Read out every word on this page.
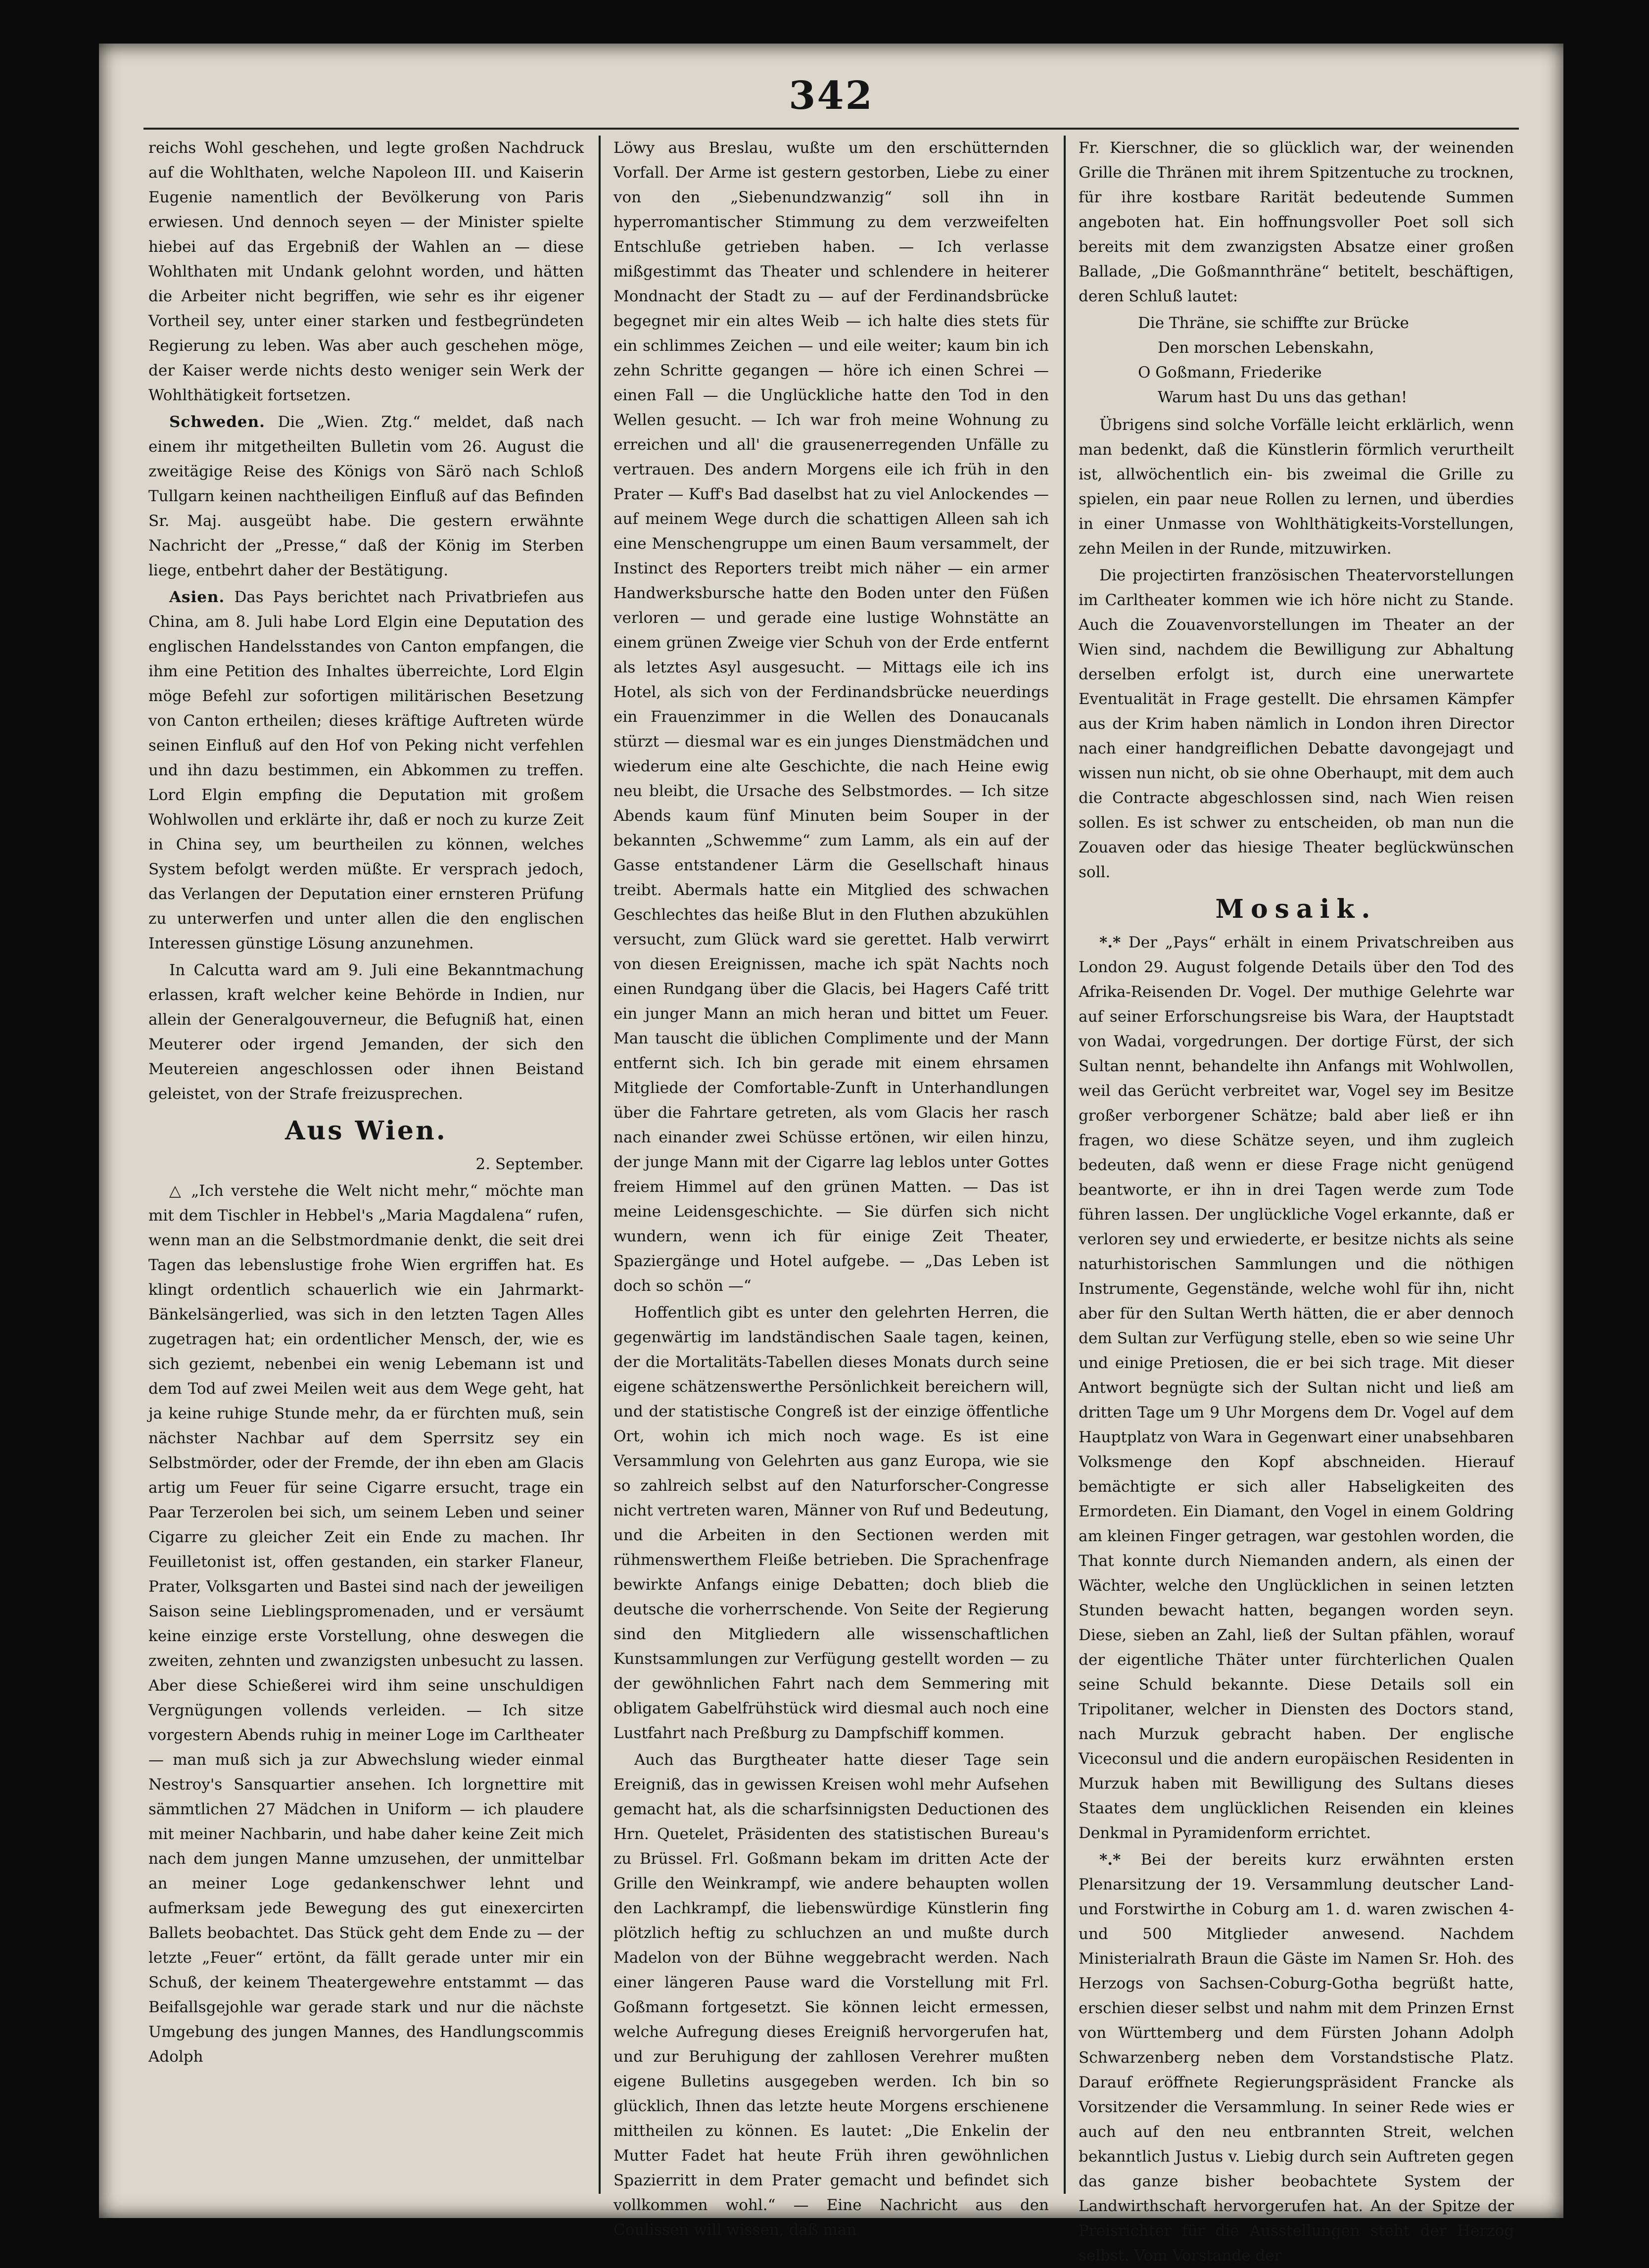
342

reichs Wohl geschehen, und legte großen Nachdruck auf die Wohlthaten, welche Napoleon III. und Kaiserin Eugenie namentlich der Bevölkerung von Paris erwiesen. Und dennoch seyen — der Minister spielte hiebei auf das Ergebniß der Wahlen an — diese Wohlthaten mit Undank gelohnt worden, und hätten die Arbeiter nicht begriffen, wie sehr es ihr eigener Vortheil sey, unter einer starken und festbegründeten Regierung zu leben. Was aber auch geschehen möge, der Kaiser werde nichts desto weniger sein Werk der Wohlthätigkeit fortsetzen.

Schweden. Die „Wien. Ztg.“ meldet, daß nach einem ihr mitgetheilten Bulletin vom 26. August die zweitägige Reise des Königs von Särö nach Schloß Tullgarn keinen nachtheiligen Einfluß auf das Befinden Sr. Maj. ausgeübt habe. Die gestern erwähnte Nachricht der „Presse,“ daß der König im Sterben liege, entbehrt daher der Bestätigung.

Asien. Das Pays berichtet nach Privatbriefen aus China, am 8. Juli habe Lord Elgin eine Deputation des englischen Handelsstandes von Canton empfangen, die ihm eine Petition des Inhaltes überreichte, Lord Elgin möge Befehl zur sofortigen militärischen Besetzung von Canton ertheilen; dieses kräftige Auftreten würde seinen Einfluß auf den Hof von Peking nicht verfehlen und ihn dazu bestimmen, ein Abkommen zu treffen. Lord Elgin empfing die Deputation mit großem Wohlwollen und erklärte ihr, daß er noch zu kurze Zeit in China sey, um beurtheilen zu können, welches System befolgt werden müßte. Er versprach jedoch, das Verlangen der Deputation einer ernsteren Prüfung zu unterwerfen und unter allen die den englischen Interessen günstige Lösung anzunehmen.

In Calcutta ward am 9. Juli eine Bekanntmachung erlassen, kraft welcher keine Behörde in Indien, nur allein der Generalgouverneur, die Befugniß hat, einen Meuterer oder irgend Jemanden, der sich den Meutereien angeschlossen oder ihnen Beistand geleistet, von der Strafe freizusprechen.

Aus Wien.
2. September.

△ „Ich verstehe die Welt nicht mehr,“ möchte man mit dem Tischler in Hebbel's „Maria Magdalena“ rufen, wenn man an die Selbstmordmanie denkt, die seit drei Tagen das lebenslustige frohe Wien ergriffen hat. Es klingt ordentlich schauerlich wie ein Jahrmarkt-Bänkelsängerlied, was sich in den letzten Tagen Alles zugetragen hat; ein ordentlicher Mensch, der, wie es sich geziemt, nebenbei ein wenig Lebemann ist und dem Tod auf zwei Meilen weit aus dem Wege geht, hat ja keine ruhige Stunde mehr, da er fürchten muß, sein nächster Nachbar auf dem Sperrsitz sey ein Selbstmörder, oder der Fremde, der ihn eben am Glacis artig um Feuer für seine Cigarre ersucht, trage ein Paar Terzerolen bei sich, um seinem Leben und seiner Cigarre zu gleicher Zeit ein Ende zu machen. Ihr Feuilletonist ist, offen gestanden, ein starker Flaneur, Prater, Volksgarten und Bastei sind nach der jeweiligen Saison seine Lieblingspromenaden, und er versäumt keine einzige erste Vorstellung, ohne deswegen die zweiten, zehnten und zwanzigsten unbesucht zu lassen. Aber diese Schießerei wird ihm seine unschuldigen Vergnügungen vollends verleiden. — Ich sitze vorgestern Abends ruhig in meiner Loge im Carltheater — man muß sich ja zur Abwechslung wieder einmal Nestroy's Sansquartier ansehen. Ich lorgnettire mit sämmtlichen 27 Mädchen in Uniform — ich plaudere mit meiner Nachbarin, und habe daher keine Zeit mich nach dem jungen Manne umzusehen, der unmittelbar an meiner Loge gedankenschwer lehnt und aufmerksam jede Bewegung des gut einexercirten Ballets beobachtet. Das Stück geht dem Ende zu — der letzte „Feuer“ ertönt, da fällt gerade unter mir ein Schuß, der keinem Theatergewehre entstammt — das Beifallsgejohle war gerade stark und nur die nächste Umgebung des jungen Mannes, des Handlungscommis Adolph

Löwy aus Breslau, wußte um den erschütternden Vorfall. Der Arme ist gestern gestorben, Liebe zu einer von den „Siebenundzwanzig“ soll ihn in hyperromantischer Stimmung zu dem verzweifelten Entschluße getrieben haben. — Ich verlasse mißgestimmt das Theater und schlendere in heiterer Mondnacht der Stadt zu — auf der Ferdinandsbrücke begegnet mir ein altes Weib — ich halte dies stets für ein schlimmes Zeichen — und eile weiter; kaum bin ich zehn Schritte gegangen — höre ich einen Schrei — einen Fall — die Unglückliche hatte den Tod in den Wellen gesucht. — Ich war froh meine Wohnung zu erreichen und all' die grausenerregenden Unfälle zu vertrauen. Des andern Morgens eile ich früh in den Prater — Kuff's Bad daselbst hat zu viel Anlockendes — auf meinem Wege durch die schattigen Alleen sah ich eine Menschengruppe um einen Baum versammelt, der Instinct des Reporters treibt mich näher — ein armer Handwerksbursche hatte den Boden unter den Füßen verloren — und gerade eine lustige Wohnstätte an einem grünen Zweige vier Schuh von der Erde entfernt als letztes Asyl ausgesucht. — Mittags eile ich ins Hotel, als sich von der Ferdinandsbrücke neuerdings ein Frauenzimmer in die Wellen des Donaucanals stürzt — diesmal war es ein junges Dienstmädchen und wiederum eine alte Geschichte, die nach Heine ewig neu bleibt, die Ursache des Selbstmordes. — Ich sitze Abends kaum fünf Minuten beim Souper in der bekannten „Schwemme“ zum Lamm, als ein auf der Gasse entstandener Lärm die Gesellschaft hinaus treibt. Abermals hatte ein Mitglied des schwachen Geschlechtes das heiße Blut in den Fluthen abzukühlen versucht, zum Glück ward sie gerettet. Halb verwirrt von diesen Ereignissen, mache ich spät Nachts noch einen Rundgang über die Glacis, bei Hagers Café tritt ein junger Mann an mich heran und bittet um Feuer. Man tauscht die üblichen Complimente und der Mann entfernt sich. Ich bin gerade mit einem ehrsamen Mitgliede der Comfortable-Zunft in Unterhandlungen über die Fahrtare getreten, als vom Glacis her rasch nach einander zwei Schüsse ertönen, wir eilen hinzu, der junge Mann mit der Cigarre lag leblos unter Gottes freiem Himmel auf den grünen Matten. — Das ist meine Leidensgeschichte. — Sie dürfen sich nicht wundern, wenn ich für einige Zeit Theater, Spaziergänge und Hotel aufgebe. — „Das Leben ist doch so schön —“

Hoffentlich gibt es unter den gelehrten Herren, die gegenwärtig im landständischen Saale tagen, keinen, der die Mortalitäts-Tabellen dieses Monats durch seine eigene schätzenswerthe Persönlichkeit bereichern will, und der statistische Congreß ist der einzige öffentliche Ort, wohin ich mich noch wage. Es ist eine Versammlung von Gelehrten aus ganz Europa, wie sie so zahlreich selbst auf den Naturforscher-Congresse nicht vertreten waren, Männer von Ruf und Bedeutung, und die Arbeiten in den Sectionen werden mit rühmenswerthem Fleiße betrieben. Die Sprachenfrage bewirkte Anfangs einige Debatten; doch blieb die deutsche die vorherrschende. Von Seite der Regierung sind den Mitgliedern alle wissenschaftlichen Kunstsammlungen zur Verfügung gestellt worden — zu der gewöhnlichen Fahrt nach dem Semmering mit obligatem Gabelfrühstück wird diesmal auch noch eine Lustfahrt nach Preßburg zu Dampfschiff kommen.

Auch das Burgtheater hatte dieser Tage sein Ereigniß, das in gewissen Kreisen wohl mehr Aufsehen gemacht hat, als die scharfsinnigsten Deductionen des Hrn. Quetelet, Präsidenten des statistischen Bureau's zu Brüssel. Frl. Goßmann bekam im dritten Acte der Grille den Weinkrampf, wie andere behaupten wollen den Lachkrampf, die liebenswürdige Künstlerin fing plötzlich heftig zu schluchzen an und mußte durch Madelon von der Bühne weggebracht werden. Nach einer längeren Pause ward die Vorstellung mit Frl. Goßmann fortgesetzt. Sie können leicht ermessen, welche Aufregung dieses Ereigniß hervorgerufen hat, und zur Beruhigung der zahllosen Verehrer mußten eigene Bulletins ausgegeben werden. Ich bin so glücklich, Ihnen das letzte heute Morgens erschienene mittheilen zu können. Es lautet: „Die Enkelin der Mutter Fadet hat heute Früh ihren gewöhnlichen Spazierritt in dem Prater gemacht und befindet sich vollkommen wohl.“ — Eine Nachricht aus den Coulissen will wissen, daß man

Fr. Kierschner, die so glücklich war, der weinenden Grille die Thränen mit ihrem Spitzentuche zu trocknen, für ihre kostbare Rarität bedeutende Summen angeboten hat. Ein hoffnungsvoller Poet soll sich bereits mit dem zwanzigsten Absatze einer großen Ballade, „Die Goßmannthräne“ betitelt, beschäftigen, deren Schluß lautet:

Die Thräne, sie schiffte zur Brücke
Den morschen Lebenskahn,
O Goßmann, Friederike
Warum hast Du uns das gethan!

Übrigens sind solche Vorfälle leicht erklärlich, wenn man bedenkt, daß die Künstlerin förmlich verurtheilt ist, allwöchentlich ein- bis zweimal die Grille zu spielen, ein paar neue Rollen zu lernen, und überdies in einer Unmasse von Wohlthätigkeits-Vorstellungen, zehn Meilen in der Runde, mitzuwirken.

Die projectirten französischen Theatervorstellungen im Carltheater kommen wie ich höre nicht zu Stande. Auch die Zouavenvorstellungen im Theater an der Wien sind, nachdem die Bewilligung zur Abhaltung derselben erfolgt ist, durch eine unerwartete Eventualität in Frage gestellt. Die ehrsamen Kämpfer aus der Krim haben nämlich in London ihren Director nach einer handgreiflichen Debatte davongejagt und wissen nun nicht, ob sie ohne Oberhaupt, mit dem auch die Contracte abgeschlossen sind, nach Wien reisen sollen. Es ist schwer zu entscheiden, ob man nun die Zouaven oder das hiesige Theater beglückwünschen soll.

Mosaik.

*.* Der „Pays“ erhält in einem Privatschreiben aus London 29. August folgende Details über den Tod des Afrika-Reisenden Dr. Vogel. Der muthige Gelehrte war auf seiner Erforschungsreise bis Wara, der Hauptstadt von Wadai, vorgedrungen. Der dortige Fürst, der sich Sultan nennt, behandelte ihn Anfangs mit Wohlwollen, weil das Gerücht verbreitet war, Vogel sey im Besitze großer verborgener Schätze; bald aber ließ er ihn fragen, wo diese Schätze seyen, und ihm zugleich bedeuten, daß wenn er diese Frage nicht genügend beantworte, er ihn in drei Tagen werde zum Tode führen lassen. Der unglückliche Vogel erkannte, daß er verloren sey und erwiederte, er besitze nichts als seine naturhistorischen Sammlungen und die nöthigen Instrumente, Gegenstände, welche wohl für ihn, nicht aber für den Sultan Werth hätten, die er aber dennoch dem Sultan zur Verfügung stelle, eben so wie seine Uhr und einige Pretiosen, die er bei sich trage. Mit dieser Antwort begnügte sich der Sultan nicht und ließ am dritten Tage um 9 Uhr Morgens dem Dr. Vogel auf dem Hauptplatz von Wara in Gegenwart einer unabsehbaren Volksmenge den Kopf abschneiden. Hierauf bemächtigte er sich aller Habseligkeiten des Ermordeten. Ein Diamant, den Vogel in einem Goldring am kleinen Finger getragen, war gestohlen worden, die That konnte durch Niemanden andern, als einen der Wächter, welche den Unglücklichen in seinen letzten Stunden bewacht hatten, begangen worden seyn. Diese, sieben an Zahl, ließ der Sultan pfählen, worauf der eigentliche Thäter unter fürchterlichen Qualen seine Schuld bekannte. Diese Details soll ein Tripolitaner, welcher in Diensten des Doctors stand, nach Murzuk gebracht haben. Der englische Viceconsul und die andern europäischen Residenten in Murzuk haben mit Bewilligung des Sultans dieses Staates dem unglücklichen Reisenden ein kleines Denkmal in Pyramidenform errichtet.

*.* Bei der bereits kurz erwähnten ersten Plenarsitzung der 19. Versammlung deutscher Land- und Forstwirthe in Coburg am 1. d. waren zwischen 4- und 500 Mitglieder anwesend. Nachdem Ministerialrath Braun die Gäste im Namen Sr. Hoh. des Herzogs von Sachsen-Coburg-Gotha begrüßt hatte, erschien dieser selbst und nahm mit dem Prinzen Ernst von Württemberg und dem Fürsten Johann Adolph Schwarzenberg neben dem Vorstandstische Platz. Darauf eröffnete Regierungspräsident Francke als Vorsitzender die Versammlung. In seiner Rede wies er auch auf den neu entbrannten Streit, welchen bekanntlich Justus v. Liebig durch sein Auftreten gegen das ganze bisher beobachtete System der Landwirthschaft hervorgerufen hat. An der Spitze der Preisrichter für die Ausstellungen steht der Herzog selbst. Vom Vorstande der
